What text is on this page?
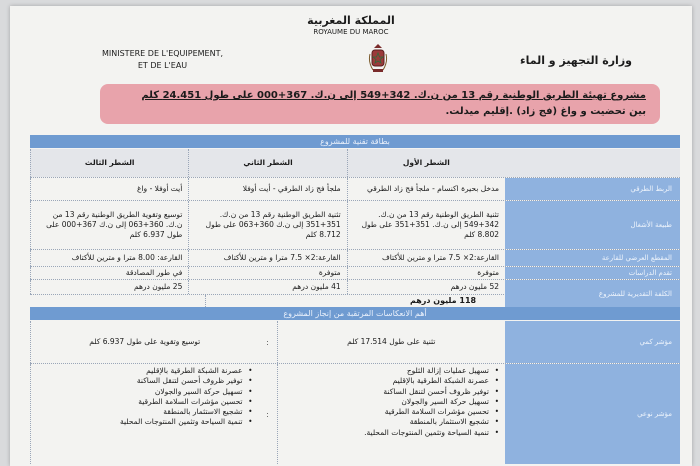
المملكة المغربية
ROYAUME DU MAROC
MINISTERE DE L'EQUIPEMENT,
ET DE L'EAU	وزارة التجهيز و الماء
مشروع تهيئة الطريق الوطنية رقم 13 من ن.ك. 342+549 إلى ن.ك. 367+000 على طول 24.451 كلم
بين تحضيت و واغ (فج زاد) .إقليم ميدلت.
بطاقة تقنية للمشروع
الشطر الأول
الشطر الثاني
الشطر الثالث
الربط الطرقي
مدخل بحيرة اكنسام - ملجأ فج زاد الطرقي
ملجأ فج زاد الطرقي - أيت أوفلا
أيت أوفلا - واغ
طبيعة الأشغال
تثنية الطريق الوطنية رقم 13 من ن.ك. 342+549 إلى ن.ك. 351+351 على طول 8.802 كلم
تثنية الطريق الوطنية رقم 13 من ن.ك. 351+351 إلى ن.ك 360+063 على طول 8.712 كلم
توسيع وتقوية الطريق الوطنية رقم 13 من ن.ك. 360+063 إلى ن.ك 367+000 على طول 6.937 كلم
المقطع العرضي للقارعة
القارعة:2× 7.5 مترا و مترين للأكتاف
القارعة:2× 7.5 مترا و مترين للأكتاف
القارعة: 8.00 مترا و مترين للأكتاف
تقدم الدراسات
متوفرة
متوفرة
في طور المصادقة
الكلفة التقديرية للمشروع
52 مليون درهم
41 مليون درهم
25 مليون درهم
118 مليون درهم
أهم الانعكاسات المرتقبة من إنجاز المشروع
مؤشر كمي
تثنية على طول 17.514 كلم
:
توسيع وتقوية على طول 6.937 كلم
مؤشر نوعي
• تسهيل عمليات إزالة الثلوج
• عصرنة الشبكة الطرقية بالإقليم
• توفير ظروف أحسن لتنقل الساكنة
• تسهيل حركة السير والجولان
• تحسين مؤشرات السلامة الطرقية
• تشجيع الاستثمار بالمنطقة
• تنمية السياحة وتثمين المنتوجات المحلية.
:
• عصرنة الشبكة الطرقية بالإقليم
• توفير ظروف أحسن لتنقل الساكنة
• تسهيل حركة السير والجولان
• تحسين مؤشرات السلامة الطرقية
• تشجيع الاستثمار بالمنطقة
• تنمية السياحة وتثمين المنتوجات المحلية
